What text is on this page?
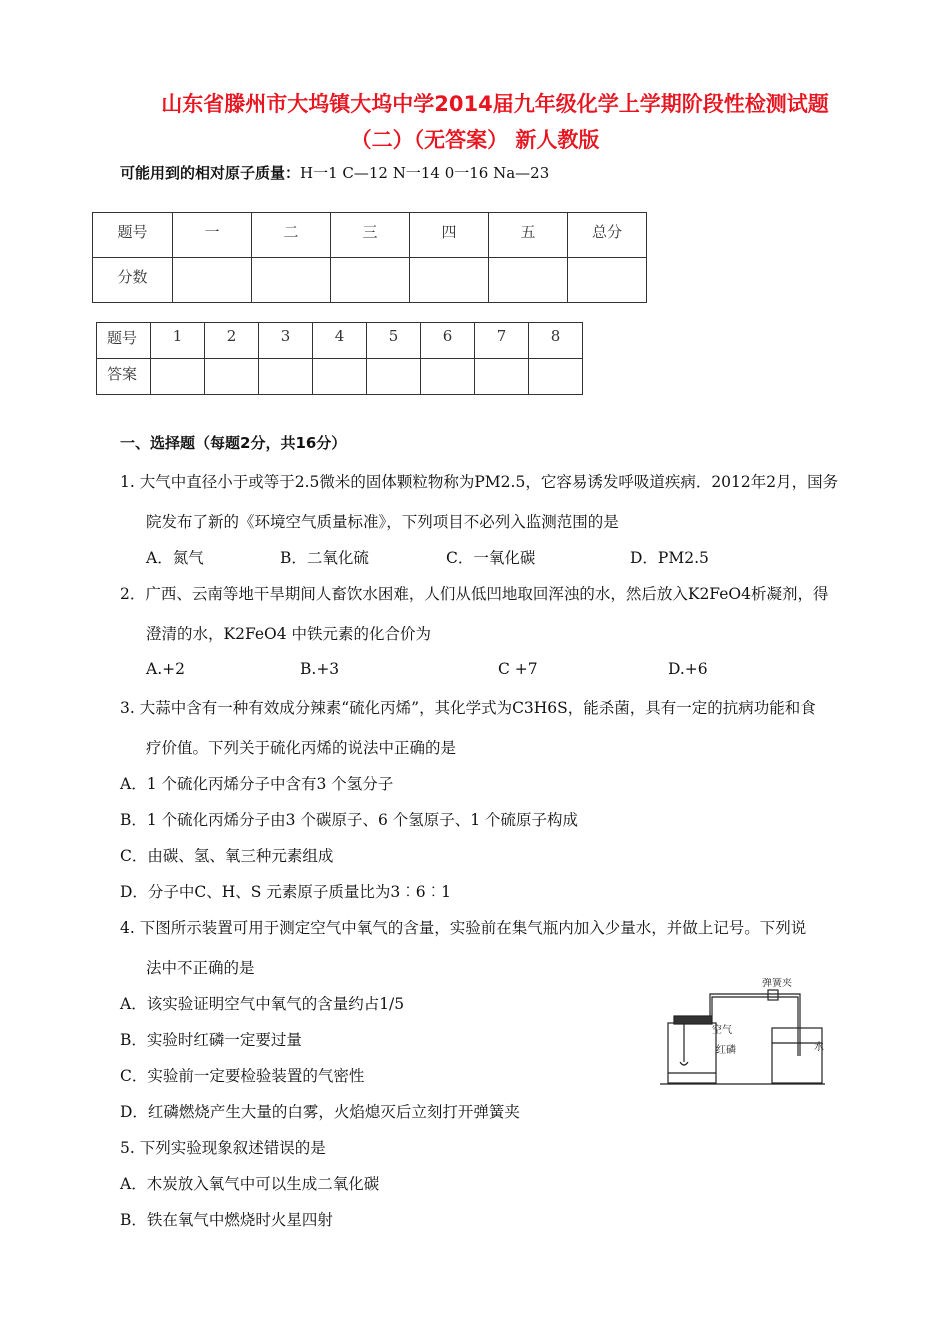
山东省滕州市大坞镇大坞中学2014届九年级化学上学期阶段性检测试题
（二）（无答案） 新人教版
可能用到的相对原子质量：H一1 C—12 N一14 0一16 Na—23
题号	一	二	三	四	五	总分
分数						
题号	1	2	3	4	5	6	7	8
答案								
一、选择题（每题2分，共16分）
1. 大气中直径小于或等于2.5微米的固体颗粒物称为PM2.5，它容易诱发呼吸道疾病．2012年2月，国务
院发布了新的《环境空气质量标准》，下列项目不必列入监测范围的是
A．氮气	B．二氧化硫	C．一氧化碳	D．PM2.5
2．广西、云南等地干旱期间人畜饮水困难，人们从低凹地取回浑浊的水，然后放入K2FeO4析凝剂，得
澄清的水，K2FeO4 中铁元素的化合价为
A.+2	B.+3	C +7	D.+6
3. 大蒜中含有一种有效成分辣素“硫化丙烯”，其化学式为C3H6S，能杀菌，具有一定的抗病功能和食
疗价值。下列关于硫化丙烯的说法中正确的是
A．1 个硫化丙烯分子中含有3 个氢分子
B．1 个硫化丙烯分子由3 个碳原子、6 个氢原子、1 个硫原子构成
C．由碳、氢、氧三种元素组成
D．分子中C、H、S 元素原子质量比为3︰6︰1
4. 下图所示装置可用于测定空气中氧气的含量，实验前在集气瓶内加入少量水，并做上记号。下列说
法中不正确的是
A．该实验证明空气中氧气的含量约占1/5
B．实验时红磷一定要过量
C．实验前一定要检验装置的气密性
D．红磷燃烧产生大量的白雾，火焰熄灭后立刻打开弹簧夹
弹簧夹
空气
红磷	水
5. 下列实验现象叙述错误的是
A．木炭放入氧气中可以生成二氧化碳
B．铁在氧气中燃烧时火星四射
